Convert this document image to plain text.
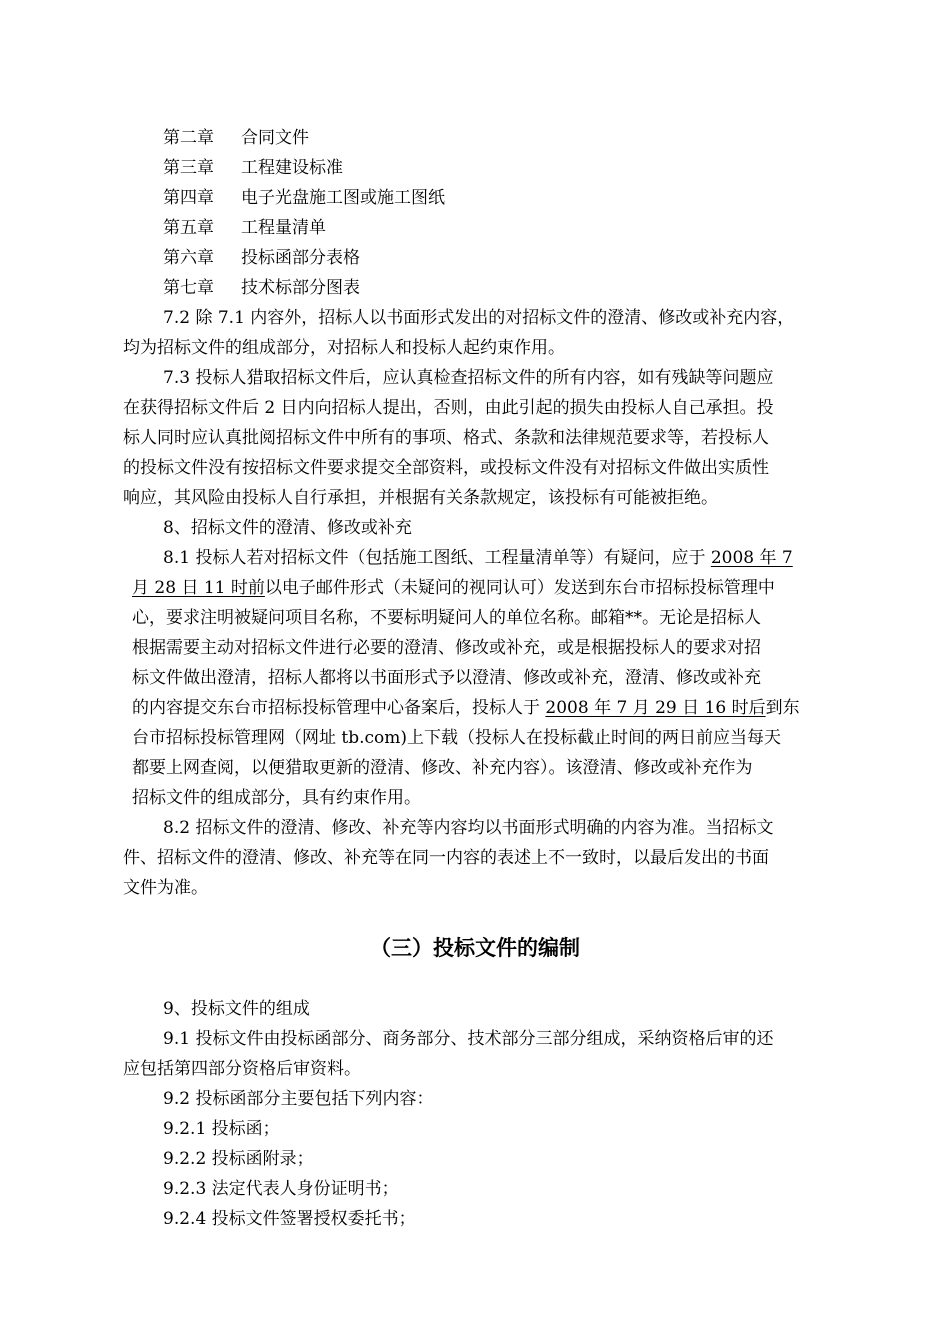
第二章 合同文件
第三章 工程建设标准
第四章 电子光盘施工图或施工图纸
第五章 工程量清单
第六章 投标函部分表格
第七章 技术标部分图表
7.2 除 7.1 内容外，招标人以书面形式发出的对招标文件的澄清、修改或补充内容，
均为招标文件的组成部分，对招标人和投标人起约束作用。
7.3 投标人猎取招标文件后，应认真检查招标文件的所有内容，如有残缺等问题应
在获得招标文件后 2 日内向招标人提出，否则，由此引起的损失由投标人自己承担。投
标人同时应认真批阅招标文件中所有的事项、格式、条款和法律规范要求等，若投标人
的投标文件没有按招标文件要求提交全部资料，或投标文件没有对招标文件做出实质性
响应，其风险由投标人自行承担，并根据有关条款规定，该投标有可能被拒绝。
8、招标文件的澄清、修改或补充
8.1 投标人若对招标文件（包括施工图纸、工程量清单等）有疑问，应于 2008 年 7
月 28 日 11 时前以电子邮件形式（未疑问的视同认可）发送到东台市招标投标管理中
心，要求注明被疑问项目名称，不要标明疑问人的单位名称。邮箱**。无论是招标人
根据需要主动对招标文件进行必要的澄清、修改或补充，或是根据投标人的要求对招
标文件做出澄清，招标人都将以书面形式予以澄清、修改或补充，澄清、修改或补充
的内容提交东台市招标投标管理中心备案后，投标人于 2008 年 7 月 29 日 16 时后到东
台市招标投标管理网（网址 tb.com)上下载（投标人在投标截止时间的两日前应当每天
都要上网查阅，以便猎取更新的澄清、修改、补充内容）。该澄清、修改或补充作为
招标文件的组成部分，具有约束作用。
8.2 招标文件的澄清、修改、补充等内容均以书面形式明确的内容为准。当招标文
件、招标文件的澄清、修改、补充等在同一内容的表述上不一致时，以最后发出的书面
文件为准。
（三）投标文件的编制
9、投标文件的组成
9.1 投标文件由投标函部分、商务部分、技术部分三部分组成，采纳资格后审的还
应包括第四部分资格后审资料。
9.2 投标函部分主要包括下列内容：
9.2.1 投标函；
9.2.2 投标函附录；
9.2.3 法定代表人身份证明书；
9.2.4 投标文件签署授权委托书；
